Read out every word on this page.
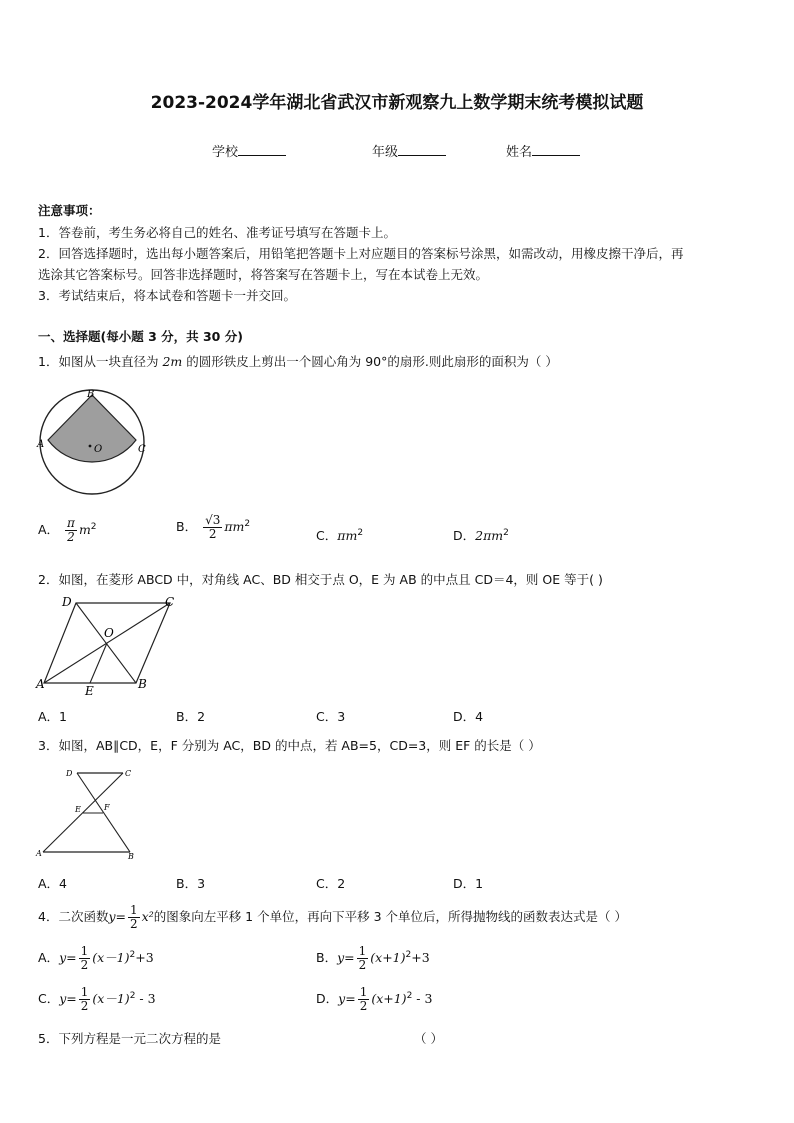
2023-2024学年湖北省武汉市新观察九上数学期末统考模拟试题
学校	年级	姓名
注意事项：
1．答卷前，考生务必将自己的姓名、准考证号填写在答题卡上。
2．回答选择题时，选出每小题答案后，用铅笔把答题卡上对应题目的答案标号涂黑，如需改动，用橡皮擦干净后，再
选涂其它答案标号。回答非选择题时，将答案写在答题卡上，写在本试卷上无效。
3．考试结束后，将本试卷和答题卡一并交回。
一、选择题(每小题 3 分，共 30 分)
1．如图从一块直径为 2m 的圆形铁皮上剪出一个圆心角为 90°的扇形.则此扇形的面积为（ ）
B
A	O	C
A． $\frac{\pi}{2} m^2$	B． $\frac{√3}{2} \pi m^2$
C．$\pi m^2$	D．$2\pi m^2$
2．如图，在菱形 ABCD 中，对角线 AC、BD 相交于点 O，E 为 AB 的中点且 CD＝4，则 OE 等于( )
D	C
O
A	E	B
A．1	B．2	C．3	D．4
3．如图，AB∥CD，E，F 分别为 AC，BD 的中点，若 AB=5，CD=3，则 EF 的长是（ ）
D	C
E	F
A	B
A．4	B．3	C．2	D．1
4．二次函数$y= \frac{1}{2} x^2$的图象向左平移 1 个单位，再向下平移 3 个单位后，所得抛物线的函数表达式是（ ）
A．$y= \frac{1}{2} (x-1)^2+3$	B．$y= \frac{1}{2} (x+1)^2+3$
C．$y= \frac{1}{2} (x-1)^2 - 3$	D．$y= \frac{1}{2} (x+1)^2 - 3$
5．下列方程是一元二次方程的是	（ ）
